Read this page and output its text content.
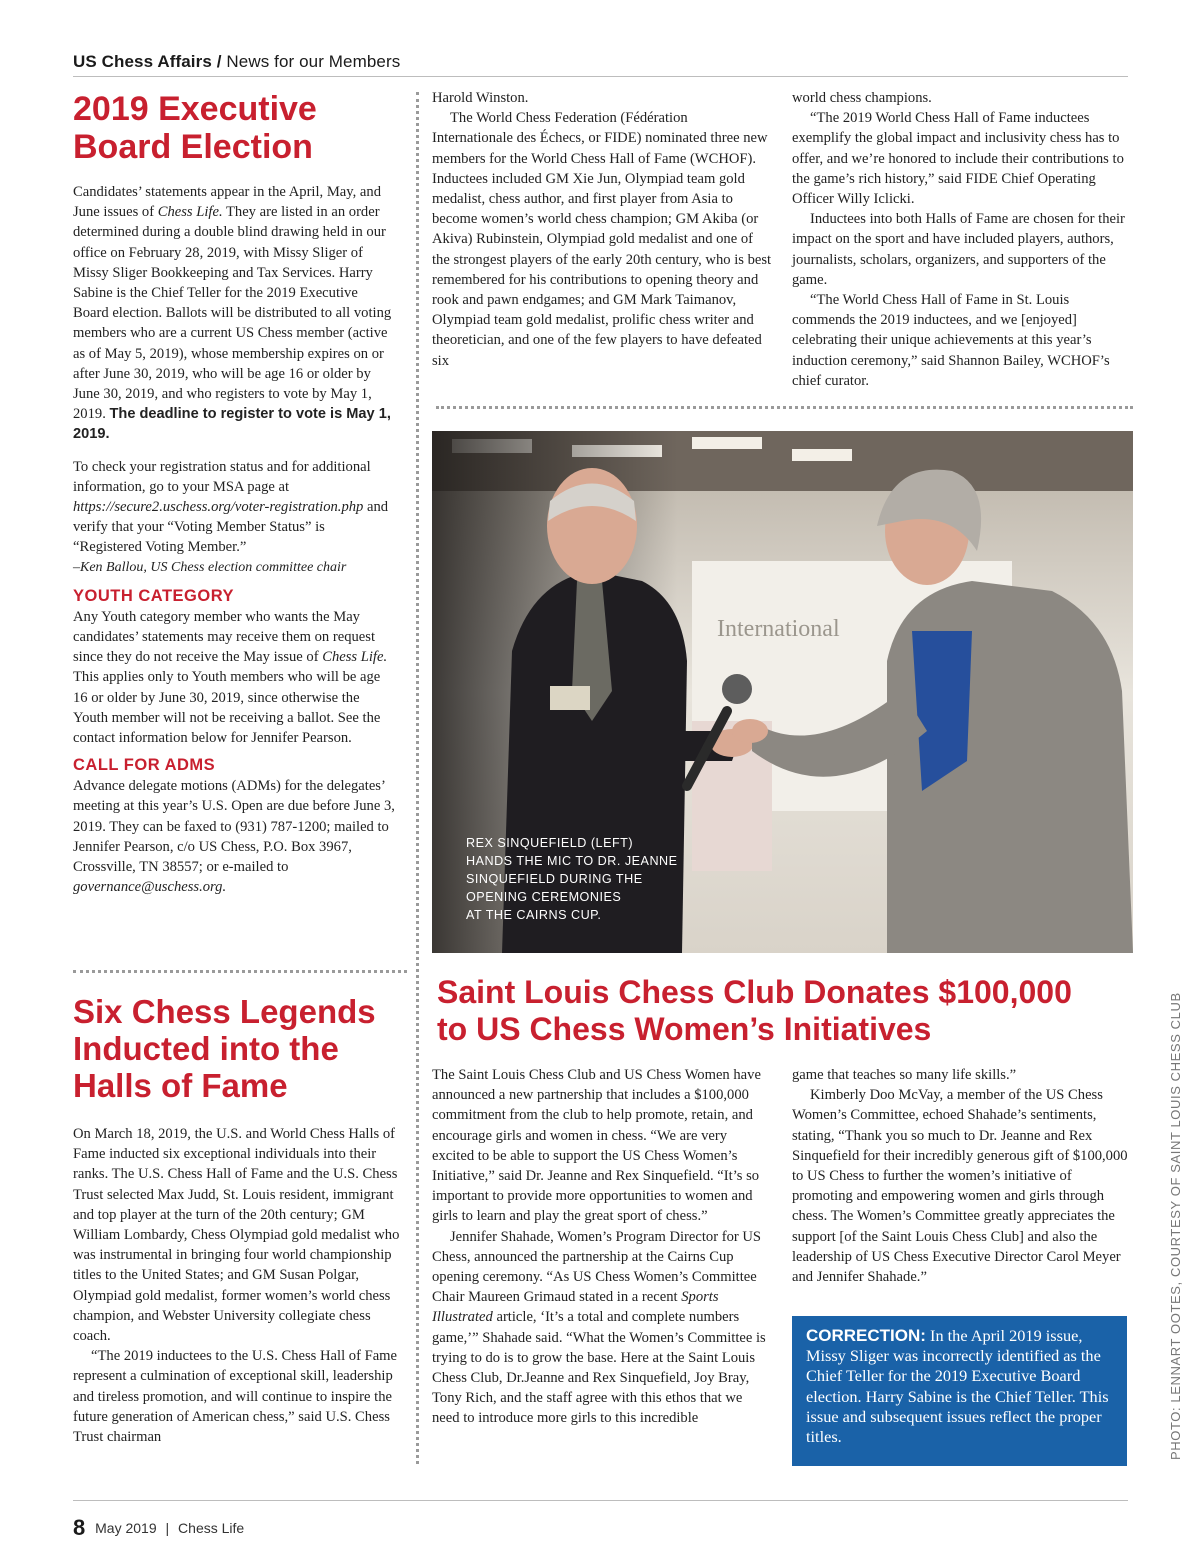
US Chess Affairs / News for our Members
2019 Executive
Board Election

Candidates’ statements appear in the April, May, and June issues of Chess Life. They are listed in an order determined during a double blind drawing held in our office on February 28, 2019, with Missy Sliger of Missy Sliger Bookkeeping and Tax Services. Harry Sabine is the Chief Teller for the 2019 Executive Board election. Ballots will be distributed to all voting members who are a current US Chess member (active as of May 5, 2019), whose membership expires on or after June 30, 2019, who will be age 16 or older by June 30, 2019, and who registers to vote by May 1, 2019. The deadline to register to vote is May 1, 2019.

To check your registration status and for additional information, go to your MSA page at https://secure2.uschess.org/voter-registration.php and verify that your “Voting Member Status” is “Registered Voting Member.”

–Ken Ballou, US Chess election committee chair

YOUTH CATEGORY

Any Youth category member who wants the May candidates’ statements may receive them on request since they do not receive the May issue of Chess Life. This applies only to Youth members who will be age 16 or older by June 30, 2019, since otherwise the Youth member will not be receiving a ballot. See the contact information below for Jennifer Pearson.

CALL FOR ADMS

Advance delegate motions (ADMs) for the delegates’ meeting at this year’s U.S. Open are due before June 3, 2019. They can be faxed to (931) 787-1200; mailed to Jennifer Pearson, c/o US Chess, P.O. Box 3967, Crossville, TN 38557; or e-mailed to governance@uschess.org.

Six Chess Legends
Inducted into the
Halls of Fame

On March 18, 2019, the U.S. and World Chess Halls of Fame inducted six exceptional individuals into their ranks. The U.S. Chess Hall of Fame and the U.S. Chess Trust selected Max Judd, St. Louis resident, immigrant and top player at the turn of the 20th century; GM William Lombardy, Chess Olympiad gold medalist who was instrumental in bringing four world championship titles to the United States; and GM Susan Polgar, Olympiad gold medalist, former women’s world chess champion, and Webster University collegiate chess coach.

“The 2019 inductees to the U.S. Chess Hall of Fame represent a culmination of exceptional skill, leadership and tireless promotion, and will continue to inspire the future generation of American chess,” said U.S. Chess Trust chairman

Harold Winston.

The World Chess Federation (Fédération Internationale des Échecs, or FIDE) nominated three new members for the World Chess Hall of Fame (WCHOF). Inductees included GM Xie Jun, Olympiad team gold medalist, chess author, and first player from Asia to become women’s world chess champion; GM Akiba (or Akiva) Rubinstein, Olympiad gold medalist and one of the strongest players of the early 20th century, who is best remembered for his contributions to opening theory and rook and pawn endgames; and GM Mark Taimanov, Olympiad team gold medalist, prolific chess writer and theoretician, and one of the few players to have defeated six

world chess champions.

“The 2019 World Chess Hall of Fame inductees exemplify the global impact and inclusivity chess has to offer, and we’re honored to include their contributions to the game’s rich history,” said FIDE Chief Operating Officer Willy Iclicki.

Inductees into both Halls of Fame are chosen for their impact on the sport and have included players, authors, journalists, scholars, organizers, and supporters of the game.

“The World Chess Hall of Fame in St. Louis commends the 2019 inductees, and we [enjoyed] celebrating their unique achievements at this year’s induction ceremony,” said Shannon Bailey, WCHOF’s chief curator.

REX SINQUEFIELD (LEFT)
HANDS THE MIC TO DR. JEANNE
SINQUEFIELD DURING THE
OPENING CEREMONIES
AT THE CAIRNS CUP.
PHOTO: LENNART OOTES, COURTESY OF SAINT LOUIS CHESS CLUB
Saint Louis Chess Club Donates $100,000
to US Chess Women’s Initiatives

The Saint Louis Chess Club and US Chess Women have announced a new partnership that includes a $100,000 commitment from the club to help promote, retain, and encourage girls and women in chess. “We are very excited to be able to support the US Chess Women’s Initiative,” said Dr. Jeanne and Rex Sinquefield. “It’s so important to provide more opportunities to women and girls to learn and play the great sport of chess.”

Jennifer Shahade, Women’s Program Director for US Chess, announced the partnership at the Cairns Cup opening ceremony. “As US Chess Women’s Committee Chair Maureen Grimaud stated in a recent Sports Illustrated article, ‘It’s a total and complete numbers game,’” Shahade said. “What the Women’s Committee is trying to do is to grow the base. Here at the Saint Louis Chess Club, Dr.Jeanne and Rex Sinquefield, Joy Bray, Tony Rich, and the staff agree with this ethos that we need to introduce more girls to this incredible

game that teaches so many life skills.”

Kimberly Doo McVay, a member of the US Chess Women’s Committee, echoed Shahade’s sentiments, stating, “Thank you so much to Dr. Jeanne and Rex Sinquefield for their incredibly generous gift of $100,000 to US Chess to further the women’s initiative of promoting and empowering women and girls through chess. The Women’s Committee greatly appreciates the support [of the Saint Louis Chess Club] and also the leadership of US Chess Executive Director Carol Meyer and Jennifer Shahade.”

CORRECTION: In the April 2019 issue, Missy Sliger was incorrectly identified as the Chief Teller for the 2019 Executive Board election. Harry Sabine is the Chief Teller. This issue and subsequent issues reflect the proper titles.
8 May 2019 | Chess Life
